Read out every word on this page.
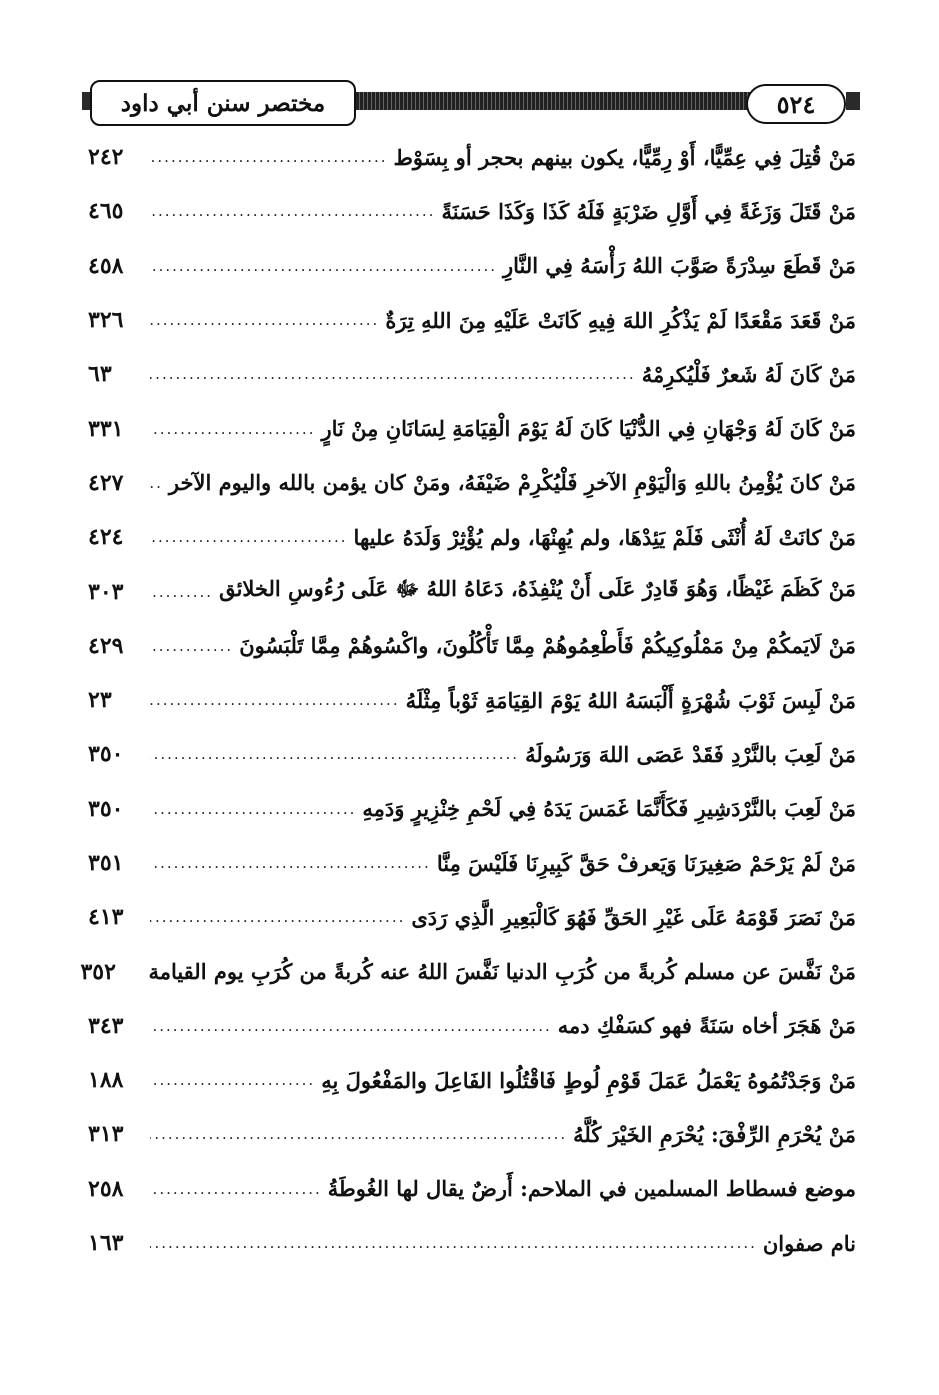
مختصر سنن أبي داود	٥٢٤
مَنْ قُتِلَ فِي عِمِّيًّا، أَوْ رِمِّيًّا، يكون بينهم بحجر أو بِسَوْط
.....
٢٤٢
مَنْ قَتَلَ وَزَغَةً فِي أَوَّلِ ضَرْبَةٍ فَلَهُ كَذَا وَكَذَا حَسَنَةً
.....
٤٦٥
مَنْ قَطَعَ سِدْرَةً صَوَّبَ اللهُ رَأْسَهُ فِي النَّارِ
.....
٤٥٨
مَنْ قَعَدَ مَقْعَدًا لَمْ يَذْكُرِ اللهَ فِيهِ كَانَتْ عَلَيْهِ مِنَ اللهِ تِرَةٌ
.....
٣٢٦
مَنْ كَانَ لَهُ شَعرٌ فَلْيُكرِمْهُ
.....
٦٣
مَنْ كَانَ لَهُ وَجْهَانِ فِي الدُّنْيَا كَانَ لَهُ يَوْمَ الْقِيَامَةِ لِسَانَانِ مِنْ نَارٍ
.....
٣٣١
مَنْ كانَ يُؤْمِنُ باللهِ وَالْيَوْمِ الآخرِ فَلْيُكْرِمْ ضَيْفَهُ، ومَنْ كان يؤمن بالله واليوم الآخر
.....
٤٢٧
مَنْ كانَتْ لَهُ أُنْثَى فَلَمْ يَئِدْهَا، ولم يُهِنْهَا، ولم يُؤْثِرْ وَلَدَهُ عليها
.....
٤٢٤
مَنْ كَظَمَ غَيْظًا، وَهُوَ قَادِرٌ عَلَى أَنْ يُنْفِذَهُ، دَعَاهُ اللهُ ﷻ عَلَى رُءُوسِ الخلائق
.....
٣٠٣
مَنْ لَايَمكُمْ مِنْ مَمْلُوكِيكُمْ فَأَطْعِمُوهُمْ مِمَّا تَأْكُلُونَ، واكْسُوهُمْ مِمَّا تَلْبَسُونَ
.....
٤٢٩
مَنْ لَبِسَ ثَوْبَ شُهْرَةٍ أَلْبَسَهُ اللهُ يَوْمَ القِيَامَةِ ثَوْباً مِثْلَهُ
.....
٢٣
مَنْ لَعِبَ بالنَّرْدِ فَقَدْ عَصَى اللهَ وَرَسُولَهُ
.....
٣٥٠
مَنْ لَعِبَ بالنَّرْدَشِيرِ فَكَأَنَّمَا غَمَسَ يَدَهُ فِي لَحْمِ خِنْزِيرٍ وَدَمِهِ
.....
٣٥٠
مَنْ لَمْ يَرْحَمْ صَغِيرَنَا وَيَعرفْ حَقَّ كَبِيرِنَا فَلَيْسَ مِنَّا
.....
٣٥١
مَنْ نَصَرَ قَوْمَهُ عَلَى غَيْرِ الحَقِّ فَهُوَ كَالْبَعِيرِ الَّذِي رَدَى
.....
٤١٣
مَنْ نَفَّسَ عن مسلم كُربةً من كُرَبِ الدنيا نَفَّسَ اللهُ عنه كُربةً من كُرَبِ يوم القيامة
٣٥٢
مَنْ هَجَرَ أخاه سَنَةً فهو كسَفْكِ دمه
.....
٣٤٣
مَنْ وَجَدْتُمُوهُ يَعْمَلُ عَمَلَ قَوْمِ لُوطٍ فَاقْتُلُوا الفَاعِلَ والمَفْعُولَ بِهِ
.....
١٨٨
مَنْ يُحْرَمِ الرِّفْقَ: يُحْرَمِ الخَيْرَ كُلَّهُ
.....
٣١٣
موضع فسطاط المسلمين في الملاحم: أَرضٌ يقال لها الغُوطَةُ
.....
٢٥٨
نام صفوان
.....
١٦٣
